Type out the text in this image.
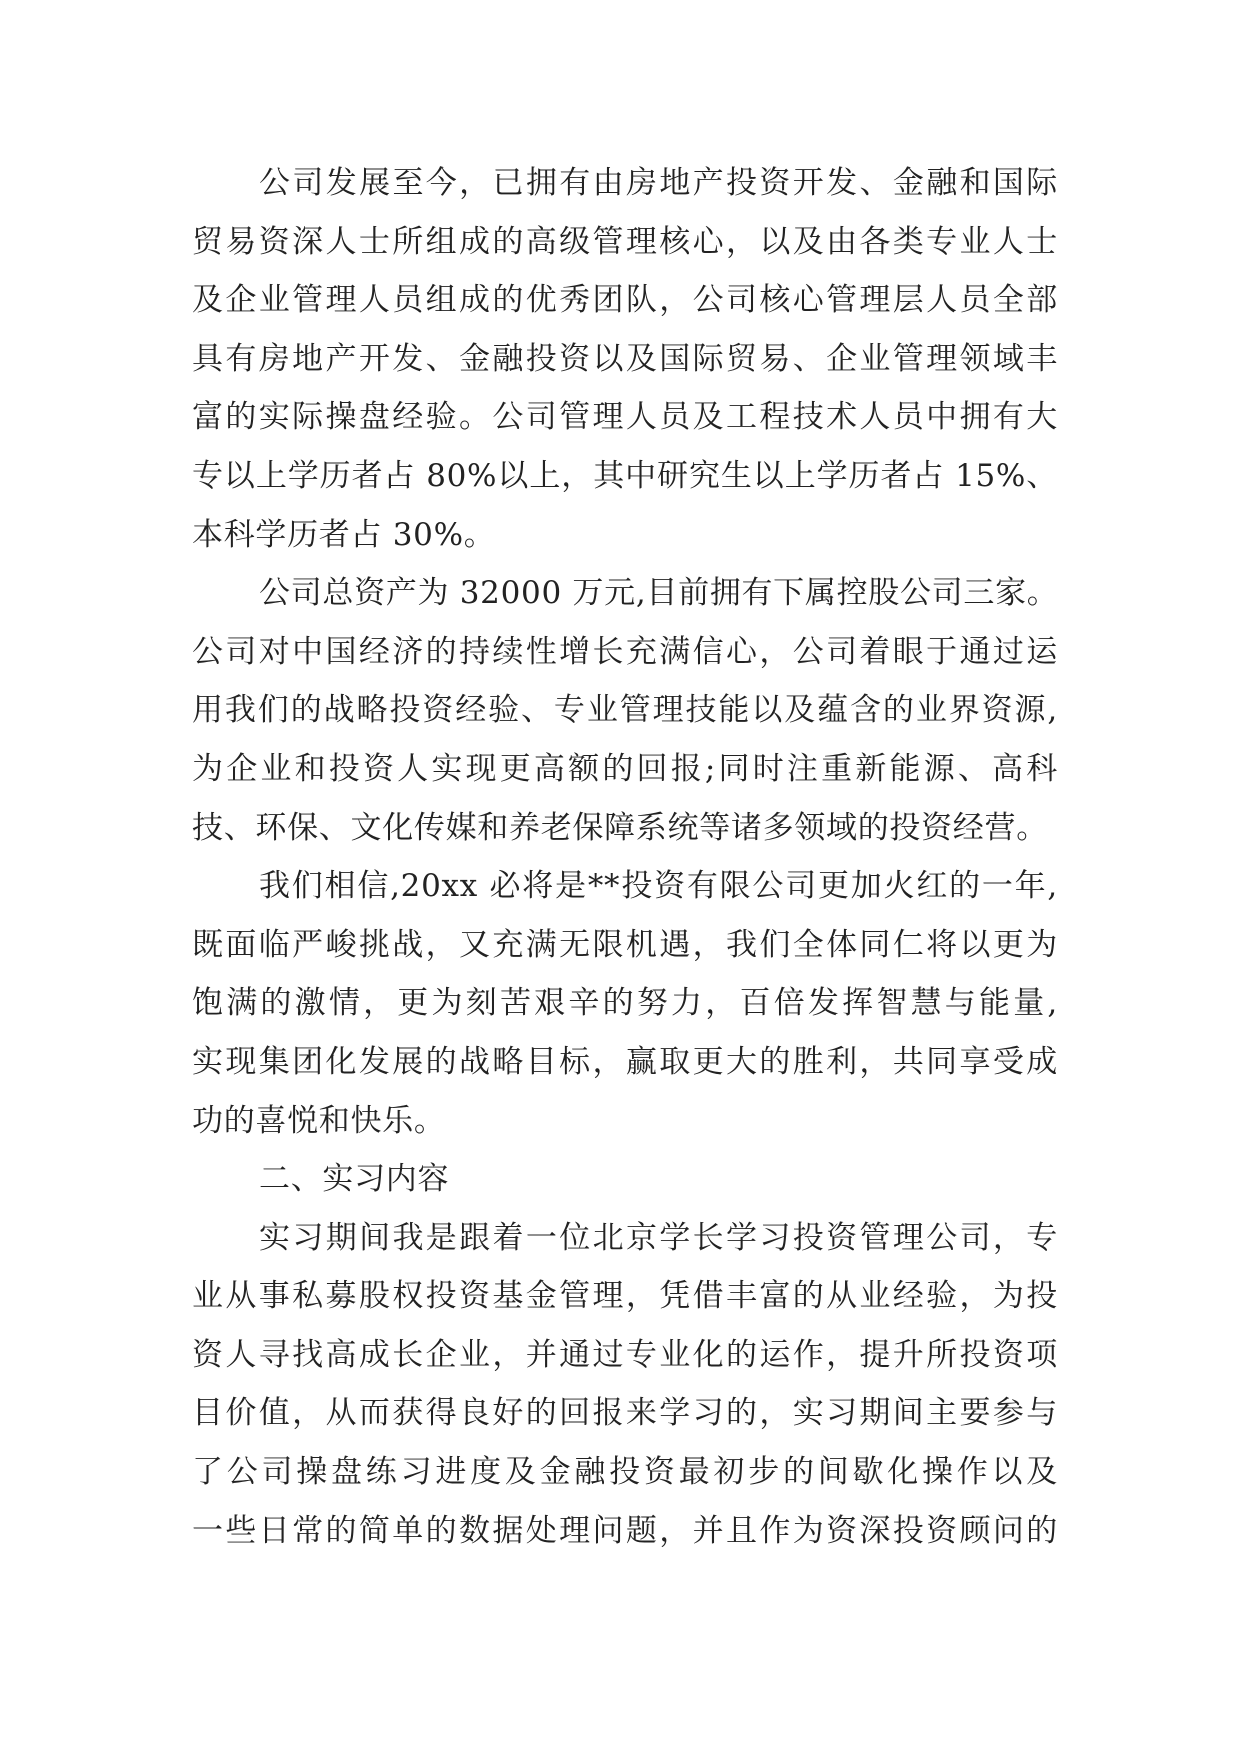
公司发展至今，已拥有由房地产投资开发、金融和国际
贸易资深人士所组成的高级管理核心，以及由各类专业人士
及企业管理人员组成的优秀团队，公司核心管理层人员全部
具有房地产开发、金融投资以及国际贸易、企业管理领域丰
富的实际操盘经验。公司管理人员及工程技术人员中拥有大
专以上学历者占 80%以上，其中研究生以上学历者占 15%、
本科学历者占 30%。
公司总资产为 32000 万元,目前拥有下属控股公司三家。
公司对中国经济的持续性增长充满信心，公司着眼于通过运
用我们的战略投资经验、专业管理技能以及蕴含的业界资源,
为企业和投资人实现更高额的回报;同时注重新能源、高科
技、环保、文化传媒和养老保障系统等诸多领域的投资经营。
我们相信,20xx 必将是**投资有限公司更加火红的一年,
既面临严峻挑战，又充满无限机遇，我们全体同仁将以更为
饱满的激情，更为刻苦艰辛的努力，百倍发挥智慧与能量,
实现集团化发展的战略目标，赢取更大的胜利，共同享受成
功的喜悦和快乐。
二、实习内容
实习期间我是跟着一位北京学长学习投资管理公司，专
业从事私募股权投资基金管理，凭借丰富的从业经验，为投
资人寻找高成长企业，并通过专业化的运作，提升所投资项
目价值，从而获得良好的回报来学习的，实习期间主要参与
了公司操盘练习进度及金融投资最初步的间歇化操作以及
一些日常的简单的数据处理问题，并且作为资深投资顾问的
